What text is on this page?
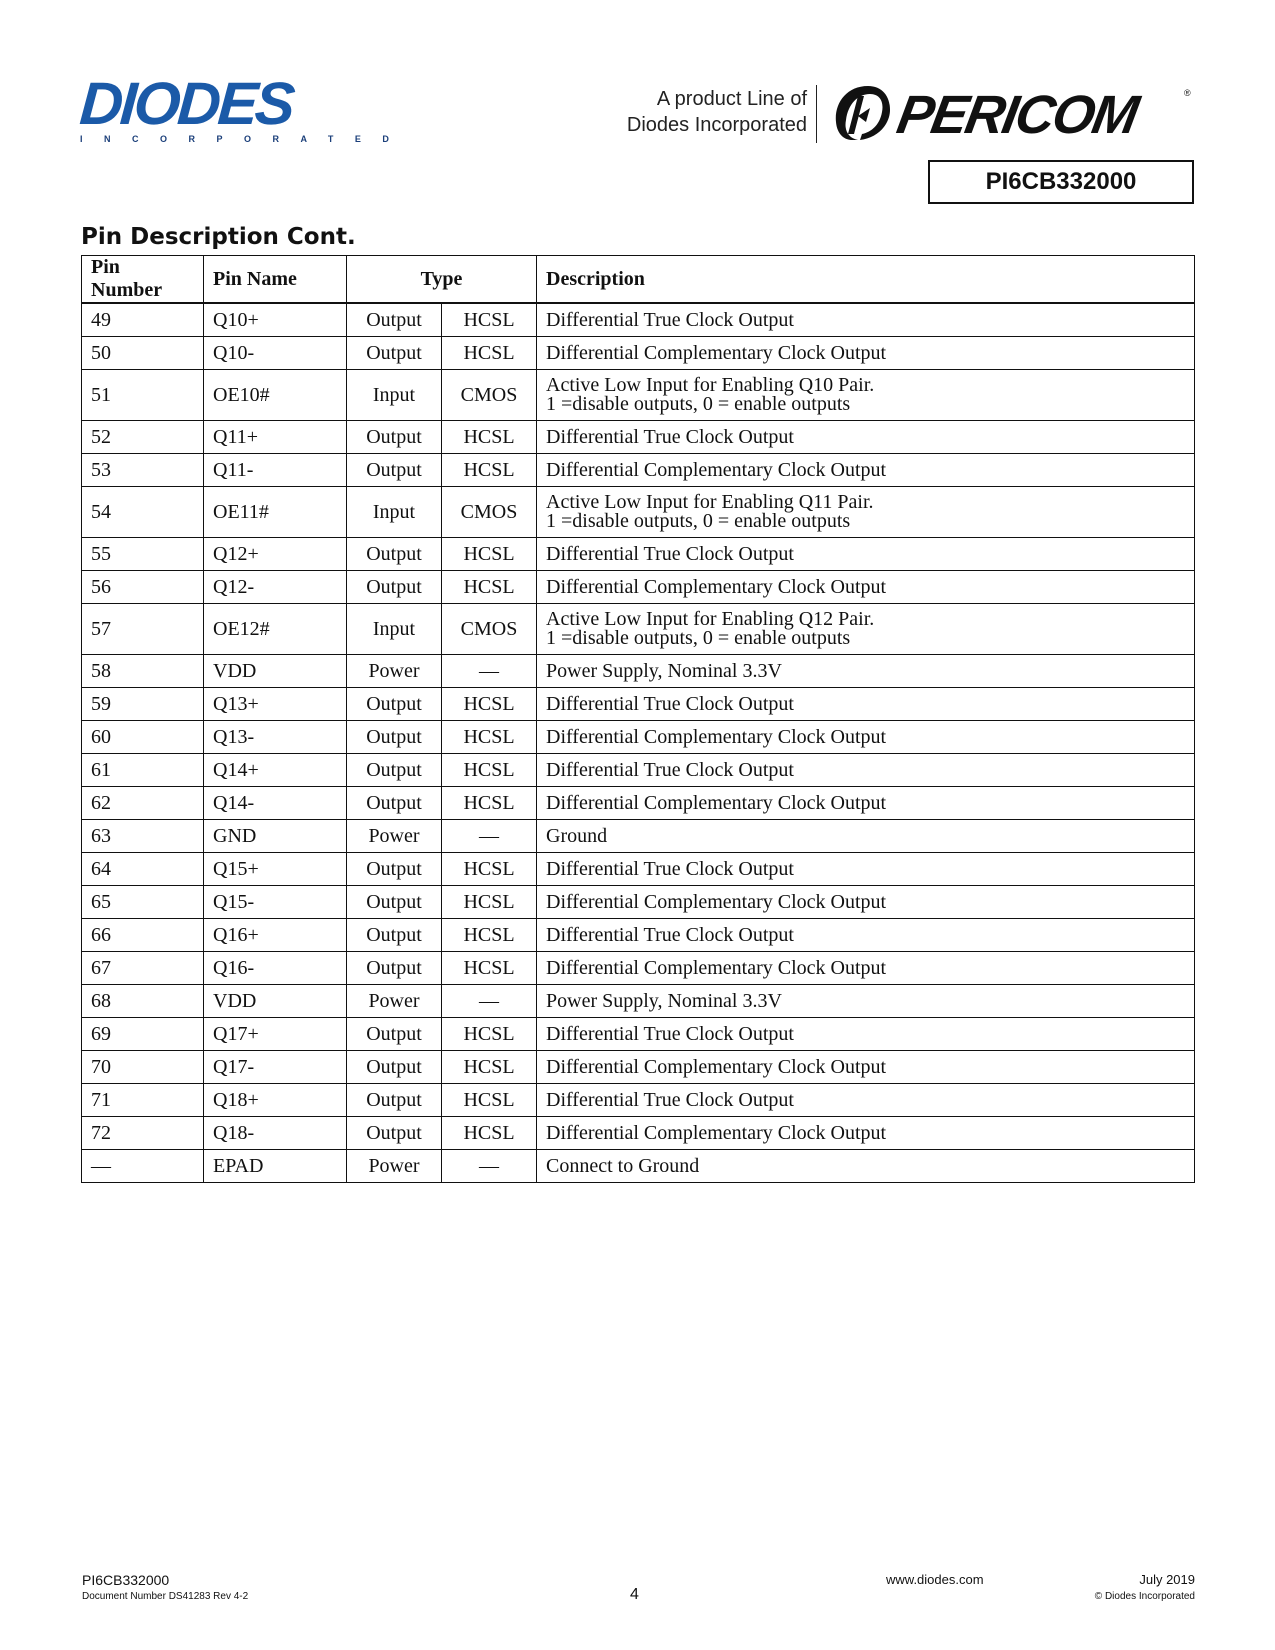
DIODES
INCORPORATED
A product Line of
Diodes Incorporated PERICOM	®
PI6CB332000
Pin Description Cont.
Pin Number	Pin Name	Type		Description
49	Q10+	Output	HCSL	Differential True Clock Output

50	Q10-	Output	HCSL	Differential Complementary Clock Output

51	OE10#	Input	CMOS	Active Low Input for Enabling Q10 Pair.
1 =disable outputs, 0 = enable outputs

52	Q11+	Output	HCSL	Differential True Clock Output

53	Q11-	Output	HCSL	Differential Complementary Clock Output

54	OE11#	Input	CMOS	Active Low Input for Enabling Q11 Pair.
1 =disable outputs, 0 = enable outputs

55	Q12+	Output	HCSL	Differential True Clock Output

56	Q12-	Output	HCSL	Differential Complementary Clock Output

57	OE12#	Input	CMOS	Active Low Input for Enabling Q12 Pair.
1 =disable outputs, 0 = enable outputs

58	VDD	Power	—	Power Supply, Nominal 3.3V

59	Q13+	Output	HCSL	Differential True Clock Output

60	Q13-	Output	HCSL	Differential Complementary Clock Output

61	Q14+	Output	HCSL	Differential True Clock Output

62	Q14-	Output	HCSL	Differential Complementary Clock Output

63	GND	Power	—	Ground

64	Q15+	Output	HCSL	Differential True Clock Output

65	Q15-	Output	HCSL	Differential Complementary Clock Output

66	Q16+	Output	HCSL	Differential True Clock Output

67	Q16-	Output	HCSL	Differential Complementary Clock Output

68	VDD	Power	—	Power Supply, Nominal 3.3V

69	Q17+	Output	HCSL	Differential True Clock Output

70	Q17-	Output	HCSL	Differential Complementary Clock Output

71	Q18+	Output	HCSL	Differential True Clock Output

72	Q18-	Output	HCSL	Differential Complementary Clock Output

—	EPAD	Power	—	Connect to Ground
PI6CB332000
Document Number DS41283 Rev 4-2	4
www.diodes.com	July 2019
© Diodes Incorporated
